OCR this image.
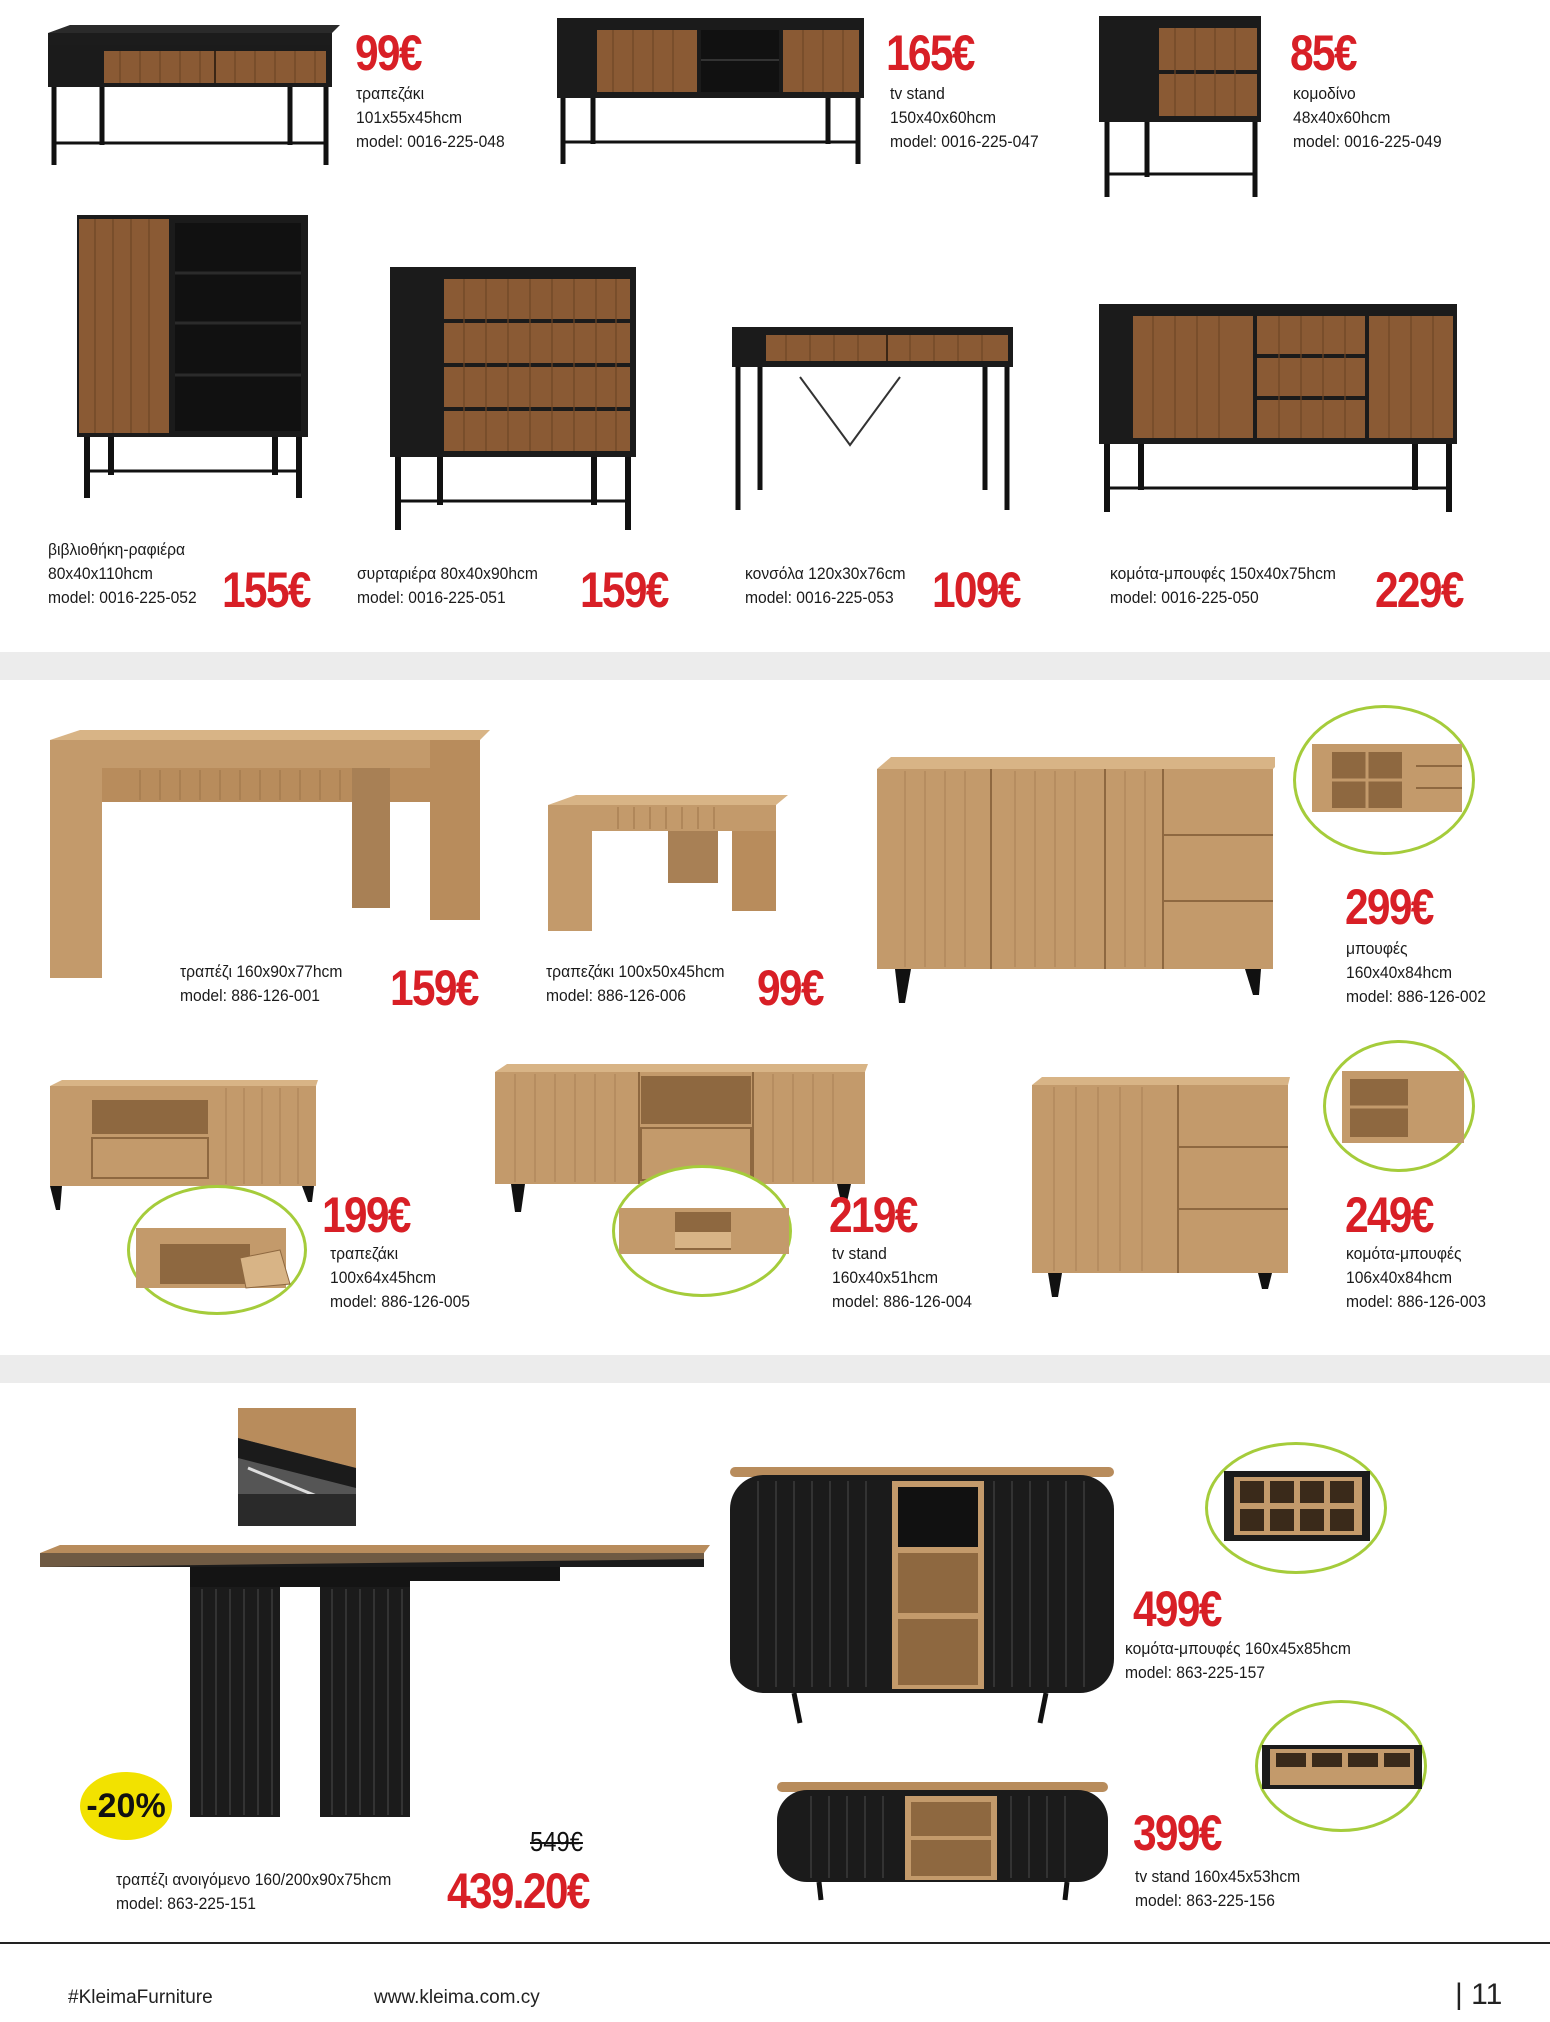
99€
τραπεζάκι
101x55x45hcm
model: 0016-225-048
165€
tv stand
150x40x60hcm
model: 0016-225-047
85€
κομοδίνο
48x40x60hcm
model: 0016-225-049
βιβλιοθήκη-ραφιέρα
80x40x110hcm
model: 0016-225-052 155€	συρταριέρα 80x40x90hcm
model: 0016-225-051	159€	κονσόλα 120x30x76cm
model: 0016-225-053 109€	κομότα-μπουφές 150x40x75hcm
model: 0016-225-050	229€
τραπέζι 160x90x77hcm
model: 886-126-001	159€	τραπεζάκι 100x50x45hcm
model: 886-126-006	99€
299€
μπουφές
160x40x84hcm
model: 886-126-002
199€
τραπεζάκι
100x64x45hcm
model: 886-126-005
219€
tv stand
160x40x51hcm
model: 886-126-004
249€
κομότα-μπουφές
106x40x84hcm
model: 886-126-003
-20%
549€
τραπέζι ανοιγόμενο 160/200x90x75hcm
model: 863-225-151	439.20€
499€
κομότα-μπουφές 160x45x85hcm
model: 863-225-157
399€
tv stand 160x45x53hcm
model: 863-225-156
#KleimaFurniture	www.kleima.com.cy	| 11
